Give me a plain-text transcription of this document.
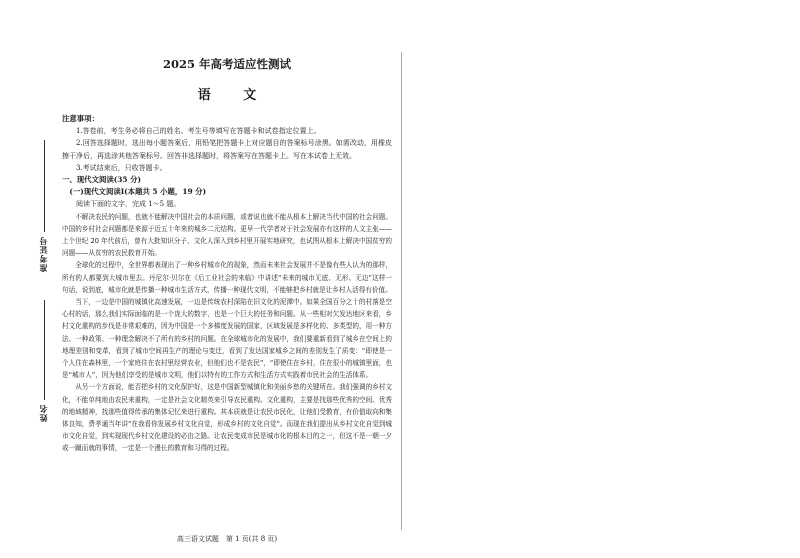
准考证号
姓名
2025 年高考适应性测试
语 文
注意事项：
1.答卷前，考生务必将自己的姓名、考生号等填写在答题卡和试卷指定位置上。
2.回答选择题时，选出每小题答案后，用铅笔把答题卡上对应题目的答案标号涂黑。如需改动，用橡皮擦干净后，再选涂其他答案标号。回答非选择题时，将答案写在答题卡上。写在本试卷上无效。
3.考试结束后，只收答题卡。
一、现代文阅读(35 分)
(一)现代文阅读Ⅰ(本题共 5 小题，19 分)
阅读下面的文字，完成 1～5 题。
不解决农民的问题，也就不能解决中国社会的本质问题，或者说也就不能从根本上解决当代中国的社会问题。中国的乡村社会问题都是来源于近五十年来的城乡二元结构。更早一代学者对于社会发展亦有这样的人文主张——上个世纪 20 年代前后，曾有大批知识分子、文化人深入到乡村里开展实地研究，也试图从根本上解决中国贫穷的问题——从贫穷的农民救育开始。
全球化的过程中，全世界都表现出了一种乡村城市化的现象，然而未来社会发展并不是像有些人认为的那样，所有的人都要到大城市里去。丹尼尔·贝尔在《后工业社会的来临》中讲述“未来的城市无底、无形、无边”这样一句话，说到底，城市化就是传播一种城市生活方式，传播一种现代文明，不能够把乡村就是让乡村人活得有价值。
当下，一边是中国的城镇化高速发展，一边是传统农村深陷在旧文化的泥潭中。如果全国百分之十的村落是空心村的话，那么我们实际面临的是一个庞大的数字，也是一个巨大的任务和问题。从一些相对欠发达地区来看，乡村文化重构的步伐是非常艰难的，因为中国是一个多梯度发展的国家，区域发展是多样化的、多类型的，用一种方法、一种政策、一种理念解决不了所有的乡村的问题。在全球城市化的发展中，我们要重新看到了城乡在空间上的地理差别和变革，看到了城市空间再生产的理论与变迁，看到了发达国家城乡之间的差别发生了质变：“即使是一个人住在森林里，一个家庭住在农村里经营农业，但他们也不是农民”，“即使住在乡村，住在很小的城镇里面，也是“城市人”，因为他们享受的是城市文明，他们以特有的工作方式和生活方式实践着市民社会的生活体系。
从另一个方面说，能否把乡村的文化保护好，这是中国新型城镇化和美丽乡愁的关键所在。我们强调的乡村文化，不能单纯地由农民来重构，一定是社会文化精英来引导农民重构。文化重构，主要是找那些优秀的空间、优秀的地域精神，找那些值得传承的集体记忆来进行重构。其本质就是让农民市民化，让他们受教育，有价值取向和集体良知，费孝通当年讲“在我看你发展乡村文化自觉，形成乡村的文化自觉”。而现在我们提出从乡村文化自觉到城市文化自觉，到实现现代乡村文化建设的必由之路。让农民变成市民是城市化的根本目的之一，但这不是一朝一夕或一蹴而就的事情，一定是一个漫长的教育和习得的过程。
高三语文试题　第 1 页(共 8 页)
